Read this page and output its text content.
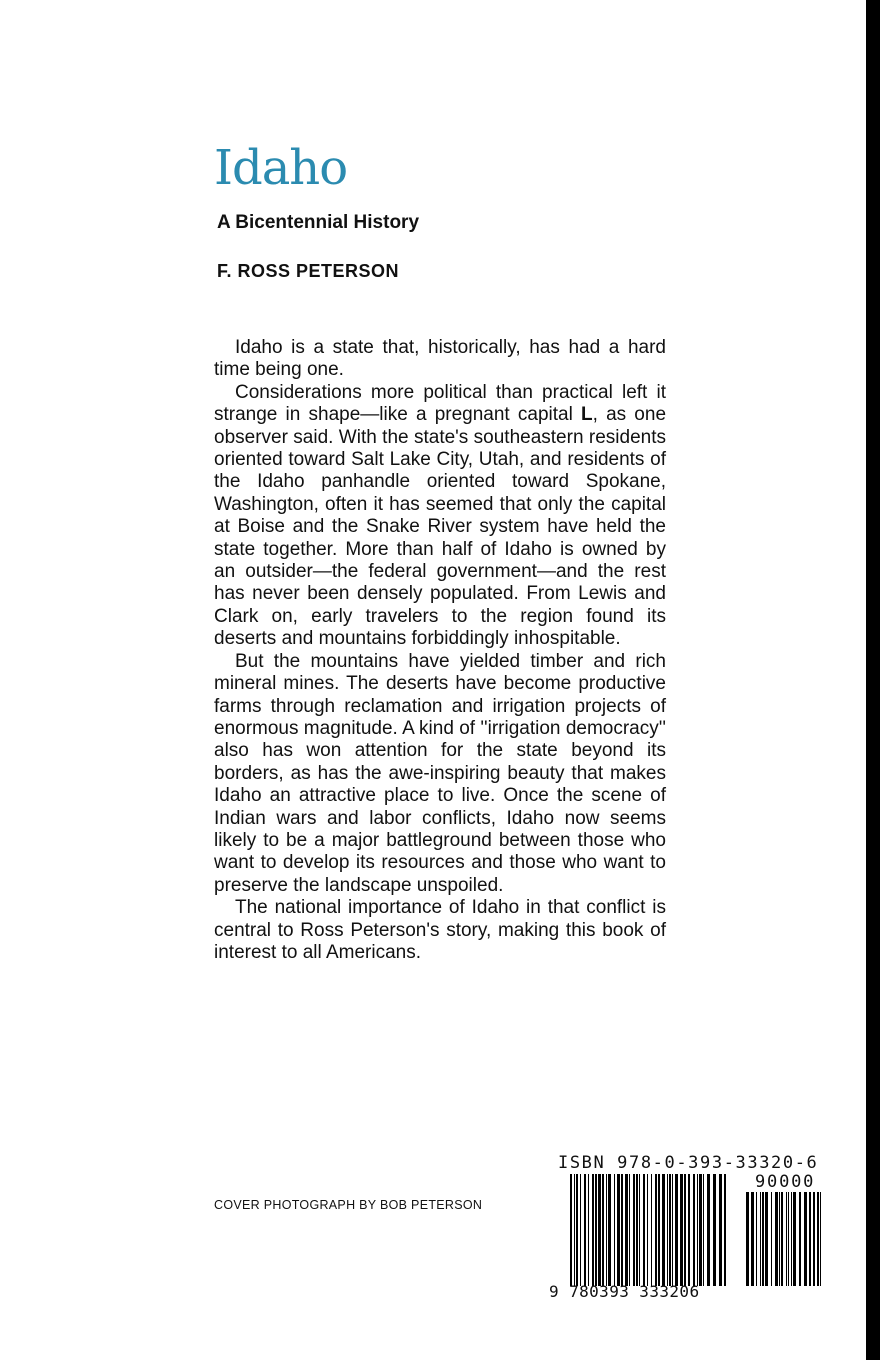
Idaho
A Bicentennial History
F. ROSS PETERSON

Idaho is a state that, historically, has had a hard time being one.

Considerations more political than practical left it strange in shape—like a pregnant capital L, as one observer said. With the state's southeastern residents oriented toward Salt Lake City, Utah, and residents of the Idaho panhandle oriented toward Spokane, Washington, often it has seemed that only the capital at Boise and the Snake River system have held the state together. More than half of Idaho is owned by an outsider—the federal government—and the rest has never been densely populated. From Lewis and Clark on, early travelers to the region found its deserts and mountains forbiddingly inhospitable.

But the mountains have yielded timber and rich mineral mines. The deserts have become productive farms through reclamation and irrigation projects of enormous magnitude. A kind of ''irrigation democracy'' also has won attention for the state beyond its borders, as has the awe-inspiring beauty that makes Idaho an attractive place to live. Once the scene of Indian wars and labor conflicts, Idaho now seems likely to be a major battleground between those who want to develop its resources and those who want to preserve the landscape unspoiled.

The national importance of Idaho in that conflict is central to Ross Peterson's story, making this book of interest to all Americans.

COVER PHOTOGRAPH BY BOB PETERSON
ISBN 978-0-393-33320-6
90000
9 780393 333206
